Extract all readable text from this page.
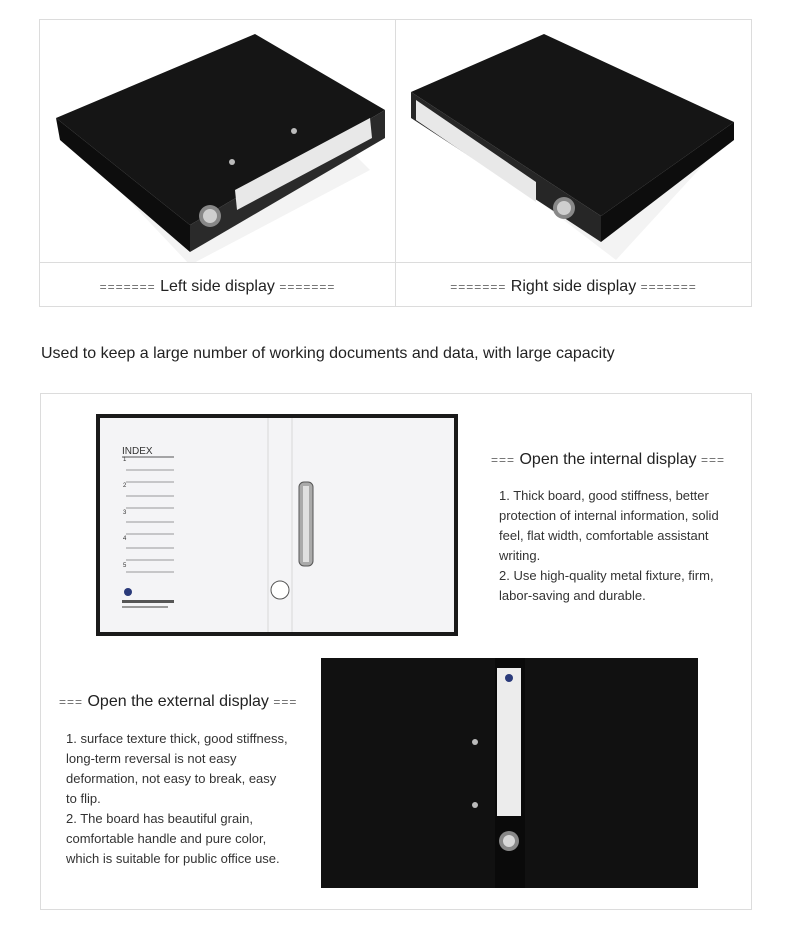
======= Left side display =======	======= Right side display =======
Used to keep a large number of working documents and data, with large capacity
INDEX
1
2
3
4
5
=== Open the internal display ===
1. Thick board, good stiffness, better
protection of internal information, solid
feel, flat width, comfortable assistant
writing.
2. Use high-quality metal fixture, firm,
labor-saving and durable.
=== Open the external display ===
1. surface texture thick, good stiffness,
long-term reversal is not easy
deformation, not easy to break, easy
to flip.
2. The board has beautiful grain,
comfortable handle and pure color,
which is suitable for public office use.
